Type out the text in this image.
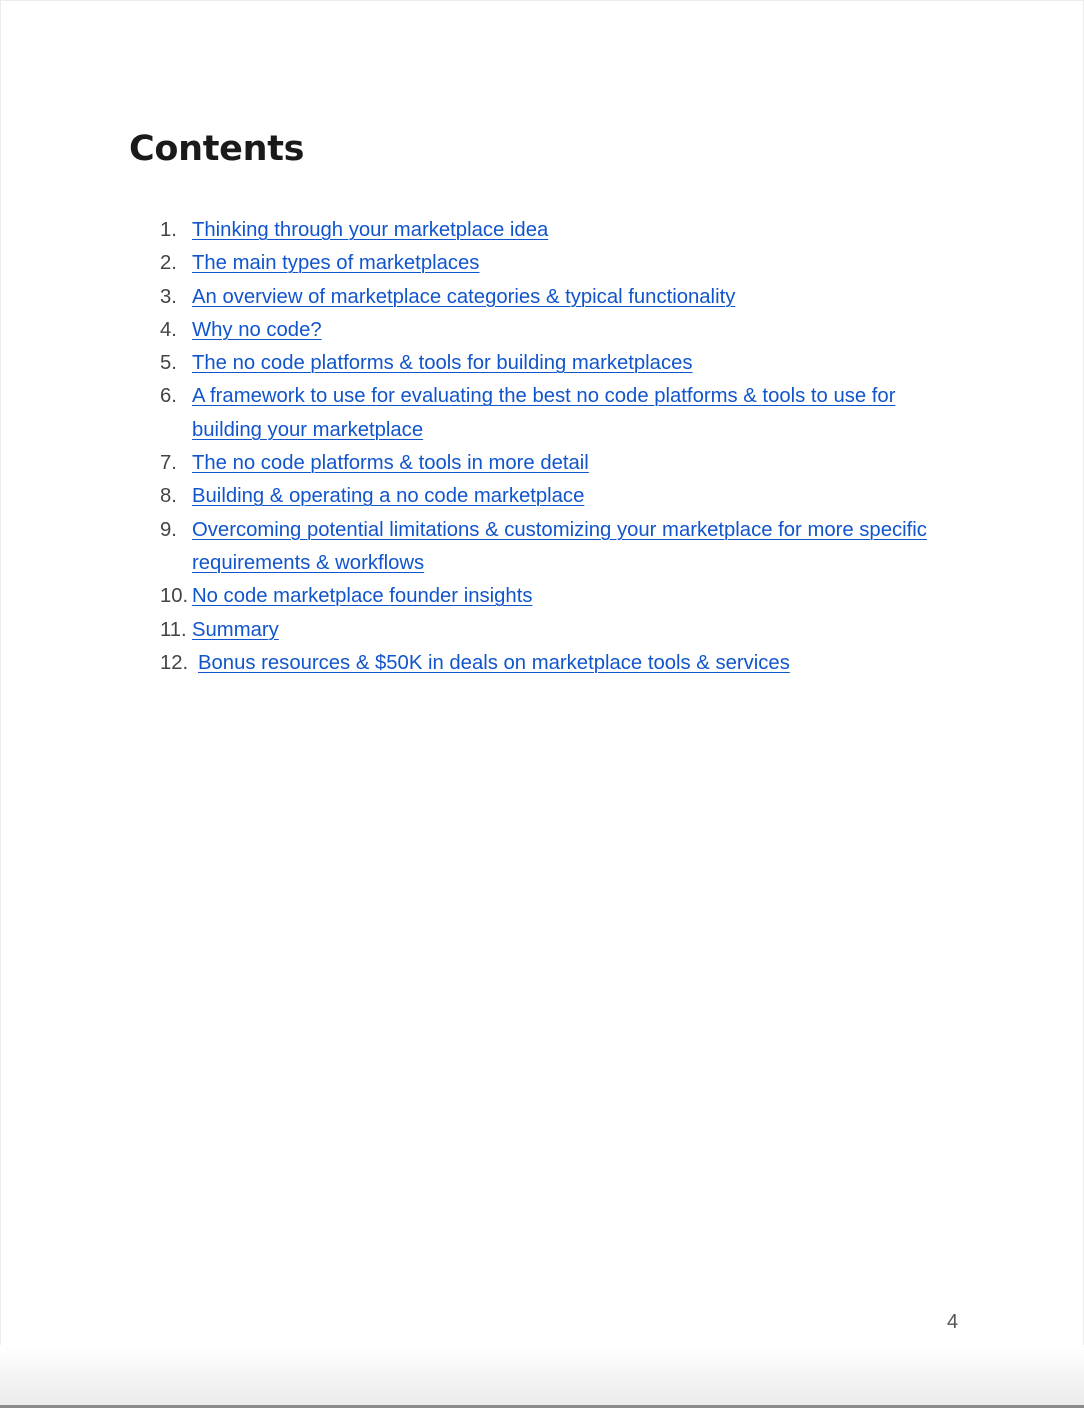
Contents
1. Thinking through your marketplace idea
2. The main types of marketplaces
3. An overview of marketplace categories & typical functionality
4. Why no code?
5. The no code platforms & tools for building marketplaces
6. A framework to use for evaluating the best no code platforms & tools to use for building your marketplace
7. The no code platforms & tools in more detail
8. Building & operating a no code marketplace
9. Overcoming potential limitations & customizing your marketplace for more specific requirements & workflows
10. No code marketplace founder insights
11. Summary
12. Bonus resources & $50K in deals on marketplace tools & services
4
